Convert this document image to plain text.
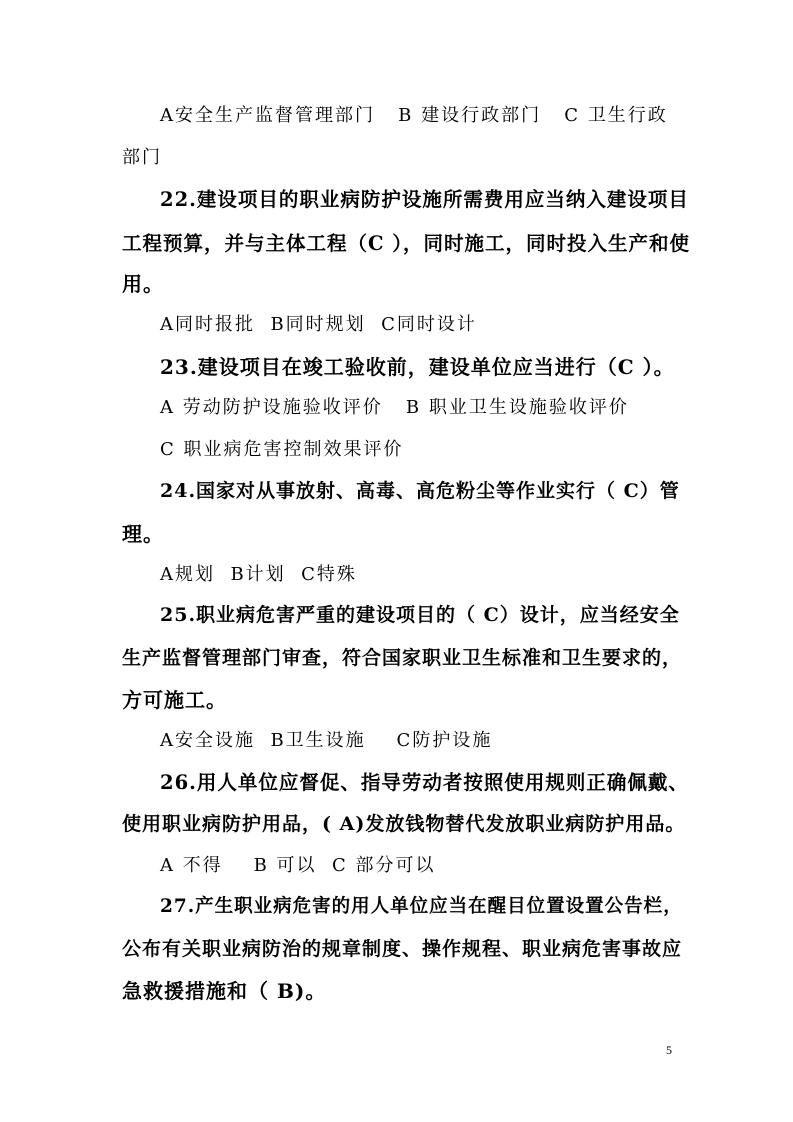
A安全生产监督管理部门   B 建设行政部门   C 卫生行政
部门
22.建设项目的职业病防护设施所需费用应当纳入建设项目
工程预算，并与主体工程（C ），同时施工，同时投入生产和使
用。
A同时报批  B同时规划  C同时设计
23.建设项目在竣工验收前，建设单位应当进行（C ）。
A 劳动防护设施验收评价   B 职业卫生设施验收评价
C 职业病危害控制效果评价
24.国家对从事放射、高毒、高危粉尘等作业实行（ C）管
理。
A规划  B计划  C特殊
25.职业病危害严重的建设项目的（ C）设计，应当经安全
生产监督管理部门审查，符合国家职业卫生标准和卫生要求的，
方可施工。
A安全设施  B卫生设施    C防护设施
26.用人单位应督促、指导劳动者按照使用规则正确佩戴、
使用职业病防护用品，( A)发放钱物替代发放职业病防护用品。
A 不得    B 可以  C 部分可以
27.产生职业病危害的用人单位应当在醒目位置设置公告栏，
公布有关职业病防治的规章制度、操作规程、职业病危害事故应
急救援措施和（ B)。
5
